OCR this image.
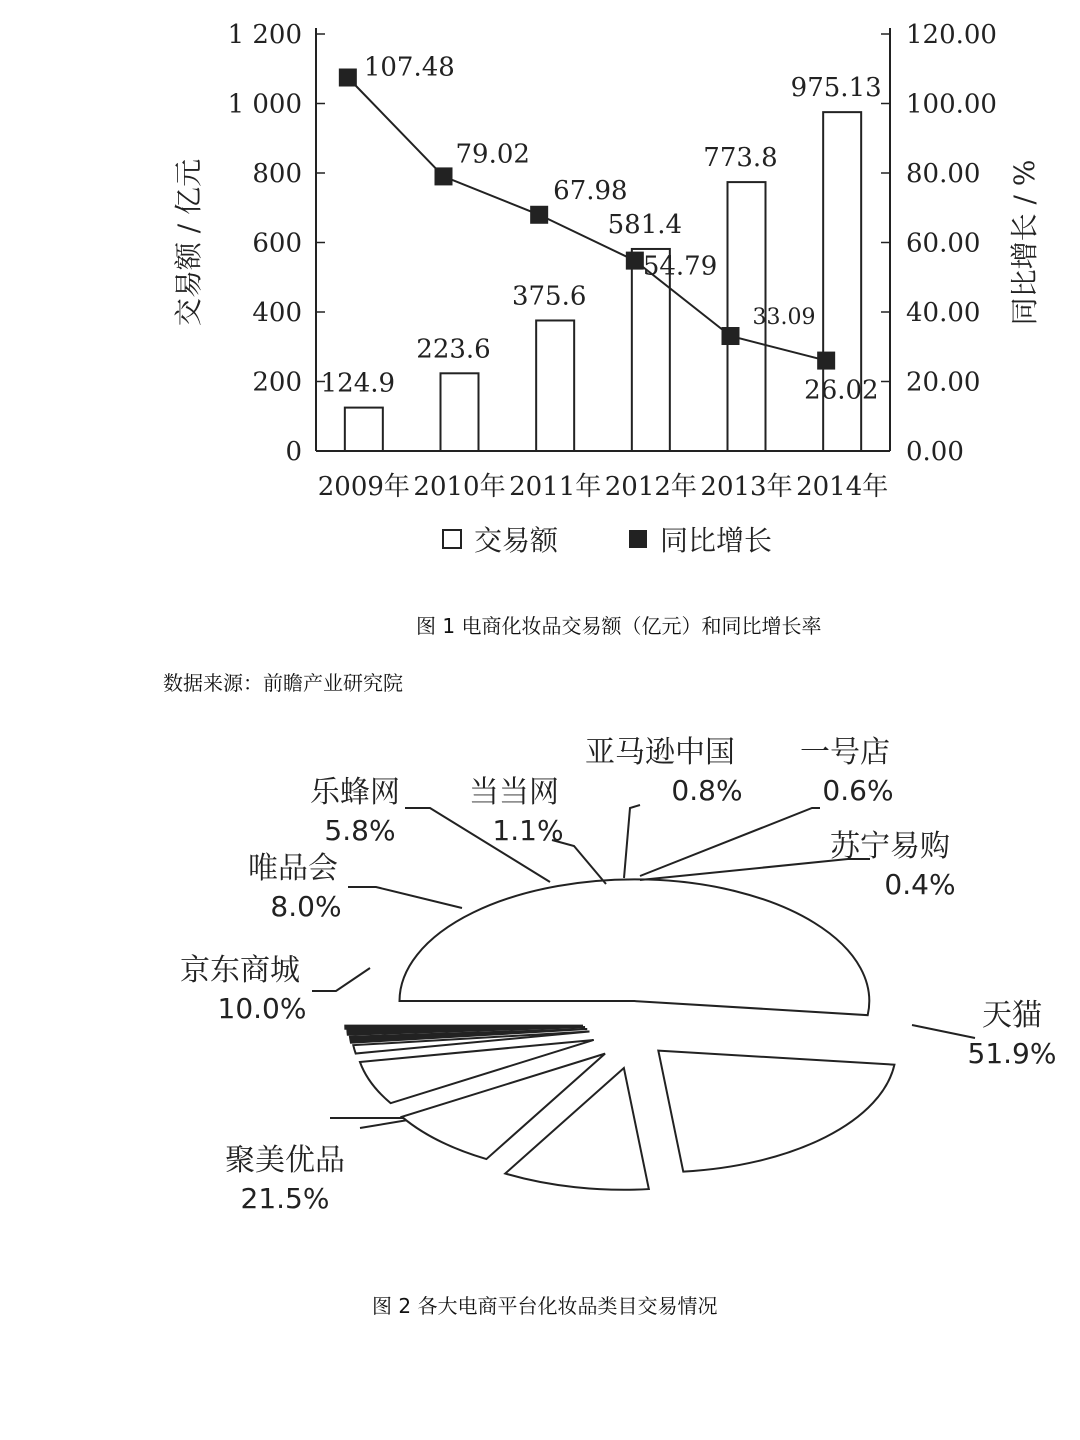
0
200
400
600
800
1 000
1 200
0.00
20.00
40.00
60.00
80.00
100.00
120.00
2009年 2010年 2011年 2012年 2013年 2014年
交易额 / 亿元	同比增长 / %
124.9
223.6
375.6
581.4
773.8
975.13
107.48
79.02
67.98
54.79
33.09
26.02
交易额	同比增长
图 1 电商化妆品交易额（亿元）和同比增长率
数据来源：前瞻产业研究院
天猫
51.9%
聚美优品
21.5%
京东商城
10.0%
唯品会
8.0%
乐蜂网
5.8%
当当网
1.1%
亚马逊中国
0.8%
一号店
0.6%
苏宁易购
0.4%
图 2 各大电商平台化妆品类目交易情况
